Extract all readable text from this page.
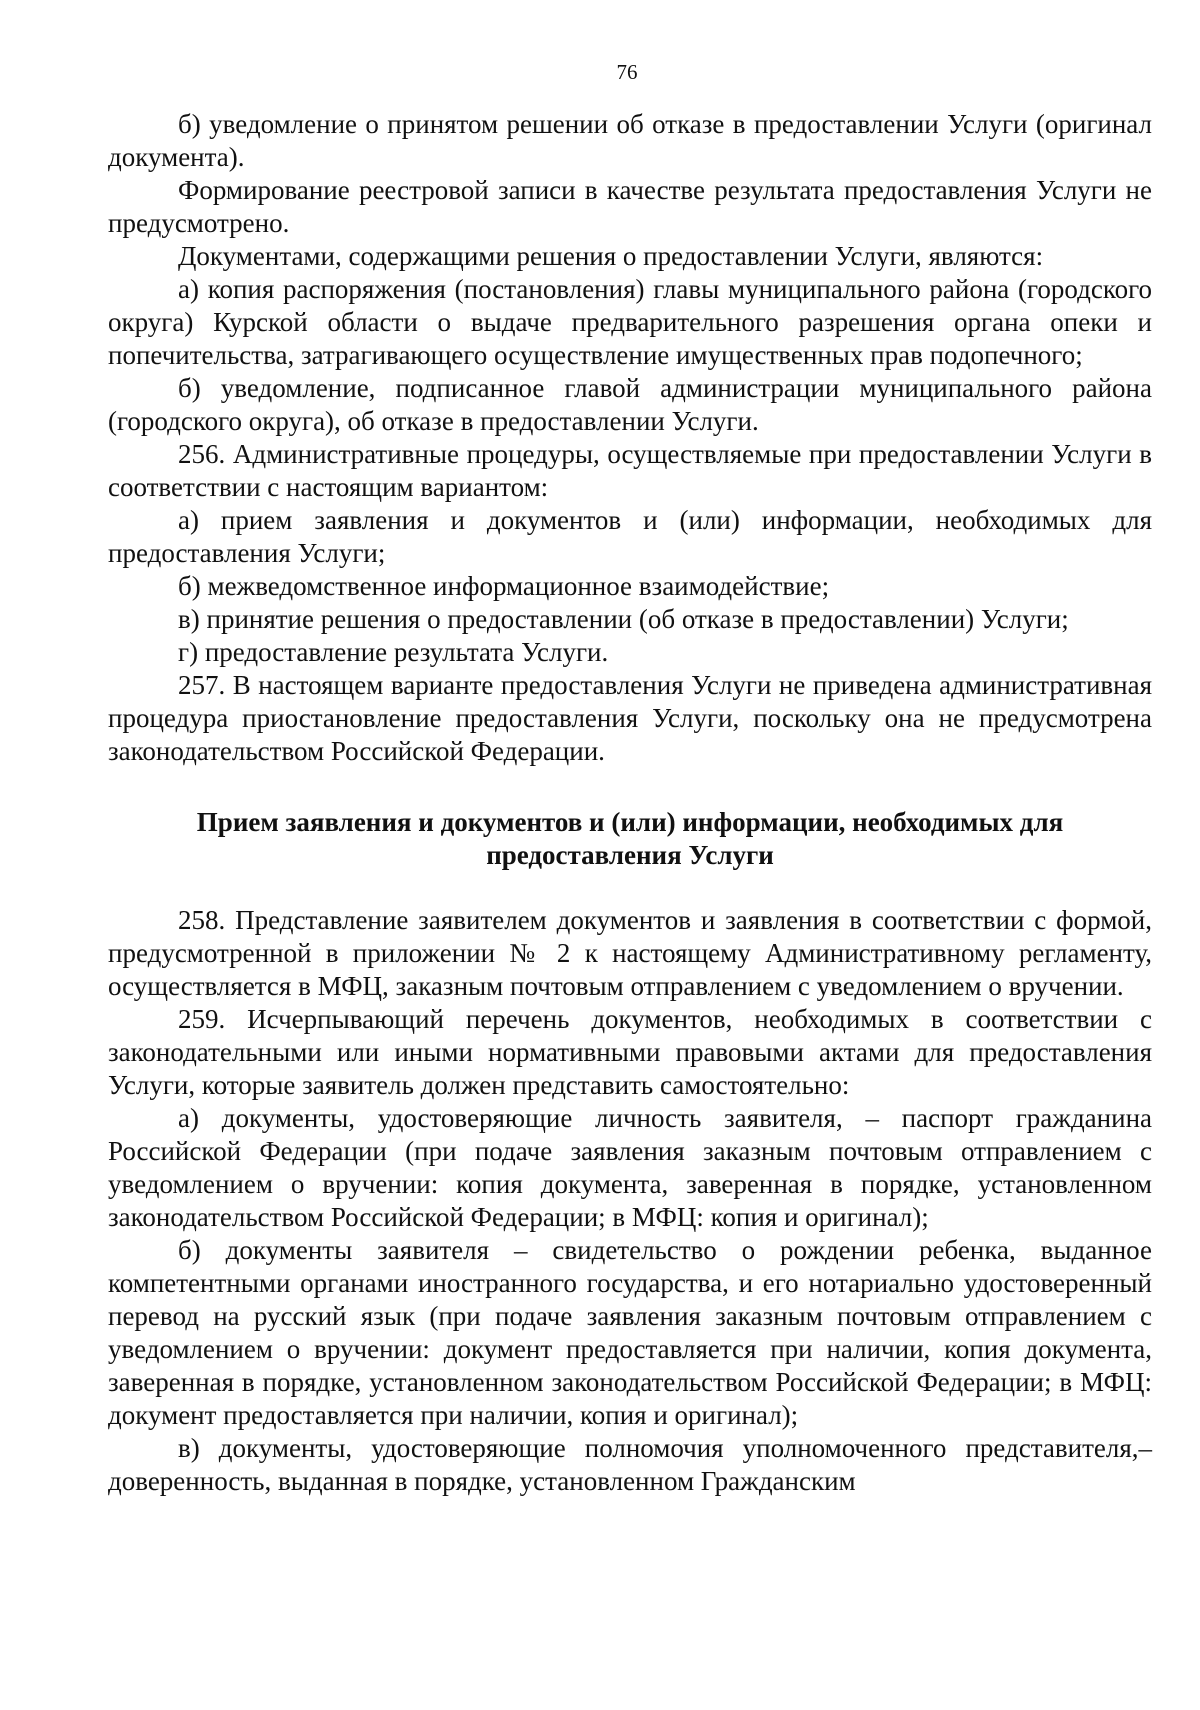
76

б) уведомление о принятом решении об отказе в предоставлении Услуги (оригинал документа).

Формирование реестровой записи в качестве результата предоставления Услуги не предусмотрено.

Документами, содержащими решения о предоставлении Услуги, являются:

а) копия распоряжения (постановления) главы муниципального района (городского округа) Курской области о выдаче предварительного разрешения органа опеки и попечительства, затрагивающего осуществление имущественных прав подопечного;

б) уведомление, подписанное главой администрации муниципального района (городского округа), об отказе в предоставлении Услуги.

256. Административные процедуры, осуществляемые при предоставлении Услуги в соответствии с настоящим вариантом:

а) прием заявления и документов и (или) информации, необходимых для предоставления Услуги;

б) межведомственное информационное взаимодействие;

в) принятие решения о предоставлении (об отказе в предоставлении) Услуги;

г) предоставление результата Услуги.

257. В настоящем варианте предоставления Услуги не приведена административная процедура приостановление предоставления Услуги, поскольку она не предусмотрена законодательством Российской Федерации.

Прием заявления и документов и (или) информации, необходимых для предоставления Услуги

258. Представление заявителем документов и заявления в соответствии с формой, предусмотренной в приложении № 2 к настоящему Административному регламенту, осуществляется в МФЦ, заказным почтовым отправлением с уведомлением о вручении.

259. Исчерпывающий перечень документов, необходимых в соответствии с законодательными или иными нормативными правовыми актами для предоставления Услуги, которые заявитель должен представить самостоятельно:

а) документы, удостоверяющие личность заявителя, – паспорт гражданина Российской Федерации (при подаче заявления заказным почтовым отправлением с уведомлением о вручении: копия документа, заверенная в порядке, установленном законодательством Российской Федерации; в МФЦ: копия и оригинал);

б) документы заявителя – свидетельство о рождении ребенка, выданное компетентными органами иностранного государства, и его нотариально удостоверенный перевод на русский язык (при подаче заявления заказным почтовым отправлением с уведомлением о вручении: документ предоставляется при наличии, копия документа, заверенная в порядке, установленном законодательством Российской Федерации; в МФЦ: документ предоставляется при наличии, копия и оригинал);

в) документы, удостоверяющие полномочия уполномоченного представителя,– доверенность, выданная в порядке, установленном Гражданским
